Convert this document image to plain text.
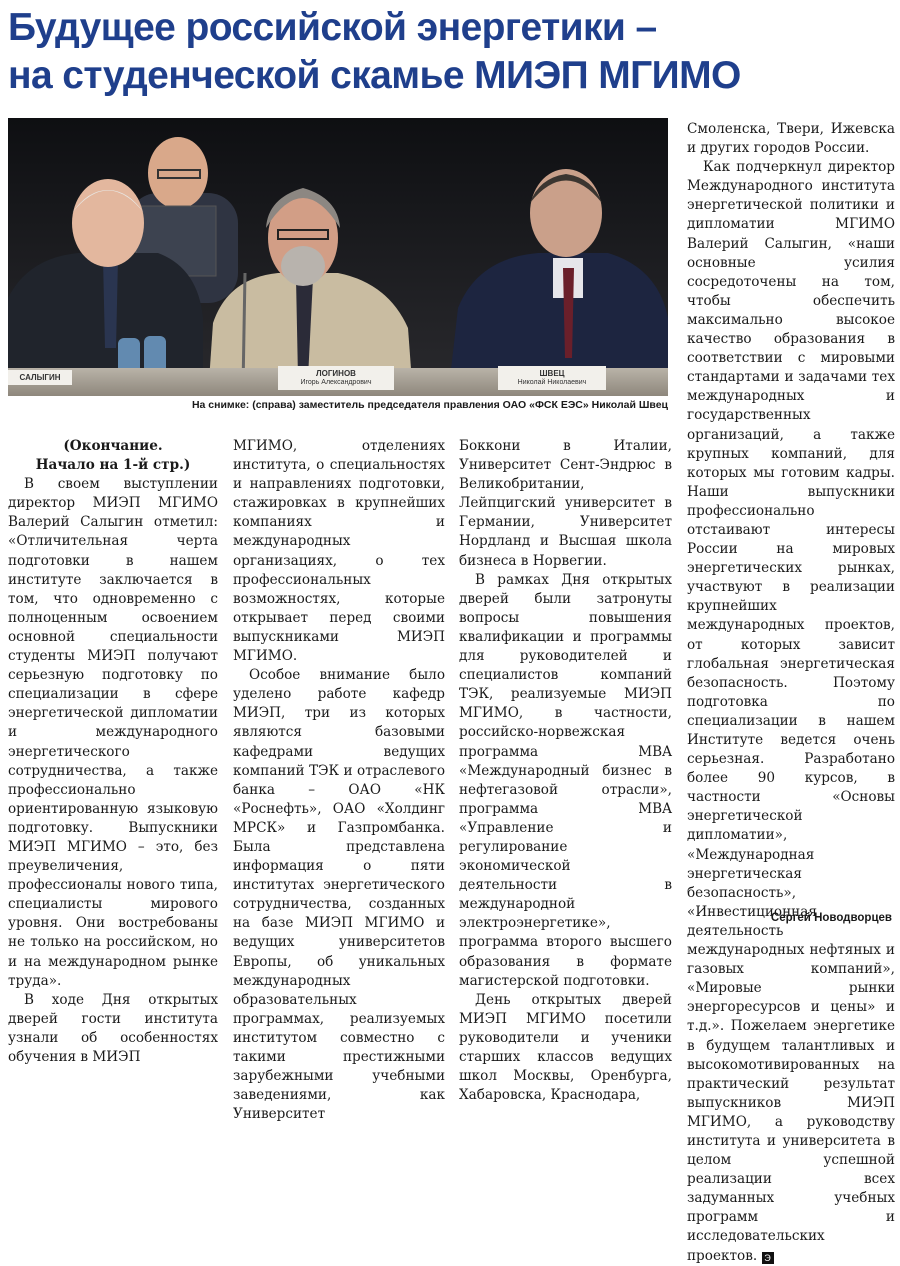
Будущее российской энергетики –
на студенческой скамье МИЭП МГИМО
САЛЫГИН	ЛОГИНОВ
Игорь Александрович
ШВЕЦ
Николай Николаевич
На снимке: (справа) заместитель председателя правления ОАО «ФСК ЕЭС» Николай Швец

(Окончание.

Начало на 1-й стр.)

В своем выступлении директор МИЭП МГИМО Валерий Салыгин отметил: «Отличительная черта подготовки в нашем институте заключается в том, что одновременно с полноценным освоением основной специальности студенты МИЭП получают серьезную подготовку по специализации в сфере энергетической дипломатии и международного энергетического сотрудничества, а также профессионально ориентированную языковую подготовку. Выпускники МИЭП МГИМО – это, без преувеличения, профессионалы нового типа, специалисты мирового уровня. Они востребованы не только на российском, но и на международном рынке труда».

В ходе Дня открытых дверей гости института узнали об особенностях обучения в МИЭП

МГИМО, отделениях института, о специальностях и направлениях подготовки, стажировках в крупнейших компаниях и международных организациях, о тех профессиональных возможностях, которые открывает перед своими выпускниками МИЭП МГИМО.

Особое внимание было уделено работе кафедр МИЭП, три из которых являются базовыми кафедрами ведущих компаний ТЭК и отраслевого банка – ОАО «НК «Роснефть», ОАО «Холдинг МРСК» и Газпромбанка. Была представлена информация о пяти институтах энергетического сотрудничества, созданных на базе МИЭП МГИМО и ведущих университетов Европы, об уникальных международных образовательных программах, реализуемых институтом совместно с такими престижными зарубежными учебными заведениями, как Университет

Боккони в Италии, Университет Сент-Эндрюс в Великобритании, Лейпцигский университет в Германии, Университет Нордланд и Высшая школа бизнеса в Норвегии.

В рамках Дня открытых дверей были затронуты вопросы повышения квалификации и программы для руководителей и специалистов компаний ТЭК, реализуемые МИЭП МГИМО, в частности, российско-норвежская программа MBA «Международный бизнес в нефтегазовой отрасли», программа MBA «Управление и регулирование экономической деятельности в международной электроэнергетике», программа второго высшего образования в формате магистерской подготовки.

День открытых дверей МИЭП МГИМО посетили руководители и ученики старших классов ведущих школ Москвы, Оренбурга, Хабаровска, Краснодара,

Смоленска, Твери, Ижевска и других городов России.

Как подчеркнул директор Международного института энергетической политики и дипломатии МГИМО Валерий Салыгин, «наши основные усилия сосредоточены на том, чтобы обеспечить максимально высокое качество образования в соответствии с мировыми стандартами и задачами тех международных и государственных организаций, а также крупных компаний, для которых мы готовим кадры. Наши выпускники профессионально отстаивают интересы России на мировых энергетических рынках, участвуют в реализации крупнейших международных проектов, от которых зависит глобальная энергетическая безопасность. Поэтому подготовка по специализации в нашем Институте ведется очень серьезная. Разработано более 90 курсов, в частности «Основы энергетической дипломатии», «Международная энергетическая безопасность», «Инвестиционная деятельность международных нефтяных и газовых компаний», «Мировые рынки энергоресурсов и цены» и т.д.». Пожелаем энергетике в будущем талантливых и высокомотивированных на практический результат выпускников МИЭП МГИМО, а руководству института и университета в целом успешной реализации всех задуманных учебных программ и исследовательских проектов. Э

Сергей Новодворцев
